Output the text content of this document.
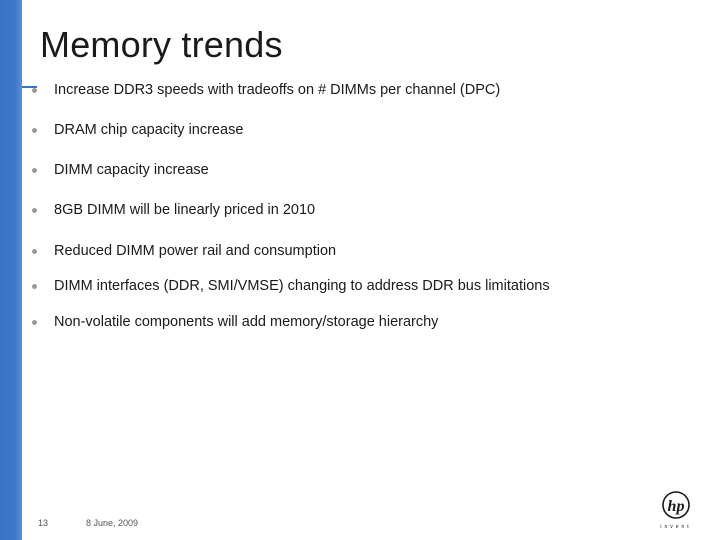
Memory trends
Increase DDR3 speeds with tradeoffs on # DIMMs per channel (DPC)
DRAM chip capacity increase
DIMM capacity increase
8GB DIMM will be linearly priced in 2010
Reduced DIMM power rail and consumption
DIMM interfaces (DDR, SMI/VMSE) changing to address DDR bus limitations
Non-volatile components will add memory/storage hierarchy
13	8 June, 2009
hp
invent
